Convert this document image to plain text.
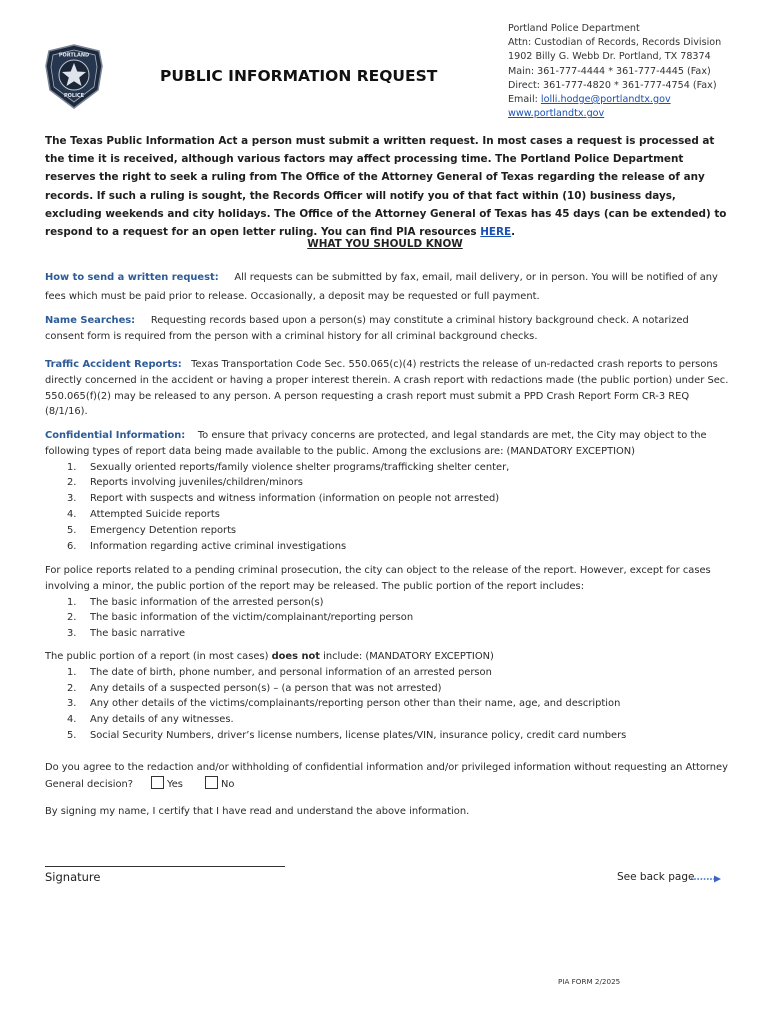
PORTLAND
POLICE
PUBLIC INFORMATION REQUEST
Portland Police Department
Attn: Custodian of Records, Records Division
1902 Billy G. Webb Dr. Portland, TX 78374
Main: 361-777-4444 * 361-777-4445 (Fax)
Direct: 361-777-4820 * 361-777-4754 (Fax)
Email: lolli.hodge@portlandtx.gov
www.portlandtx.gov
The Texas Public Information Act a person must submit a written request. In most cases a request is processed at the time it is received, although various factors may affect processing time. The Portland Police Department reserves the right to seek a ruling from The Office of the Attorney General of Texas regarding the release of any records. If such a ruling is sought, the Records Officer will notify you of that fact within (10) business days, excluding weekends and city holidays. The Office of the Attorney General of Texas has 45 days (can be extended) to respond to a request for an open letter ruling. You can find PIA resources HERE.
WHAT YOU SHOULD KNOW
How to send a written request: All requests can be submitted by fax, email, mail delivery, or in person. You will be notified of any fees which must be paid prior to release. Occasionally, a deposit may be requested or full payment.
Name Searches: Requesting records based upon a person(s) may constitute a criminal history background check. A notarized consent form is required from the person with a criminal history for all criminal background checks.
Traffic Accident Reports: Texas Transportation Code Sec. 550.065(c)(4) restricts the release of un-redacted crash reports to persons directly concerned in the accident or having a proper interest therein. A crash report with redactions made (the public portion) under Sec. 550.065(f)(2) may be released to any person. A person requesting a crash report must submit a PPD Crash Report Form CR-3 REQ (8/1/16).
Confidential Information: To ensure that privacy concerns are protected, and legal standards are met, the City may object to the following types of report data being made available to the public. Among the exclusions are: (MANDATORY EXCEPTION)
1. Sexually oriented reports/family violence shelter programs/trafficking shelter center,
2. Reports involving juveniles/children/minors
3. Report with suspects and witness information (information on people not arrested)
4. Attempted Suicide reports
5. Emergency Detention reports
6. Information regarding active criminal investigations
For police reports related to a pending criminal prosecution, the city can object to the release of the report. However, except for cases involving a minor, the public portion of the report may be released. The public portion of the report includes:
1. The basic information of the arrested person(s)
2. The basic information of the victim/complainant/reporting person
3. The basic narrative
The public portion of a report (in most cases) does not include: (MANDATORY EXCEPTION)
1. The date of birth, phone number, and personal information of an arrested person
2. Any details of a suspected person(s) – (a person that was not arrested)
3. Any other details of the victims/complainants/reporting person other than their name, age, and description
4. Any details of any witnesses.
5. Social Security Numbers, driver’s license numbers, license plates/VIN, insurance policy, credit card numbers
Do you agree to the redaction and/or withholding of confidential information and/or privileged information without requesting an Attorney General decision?	Yes	No
By signing my name, I certify that I have read and understand the above information.
Signature	See back page
PIA FORM 2/2025
